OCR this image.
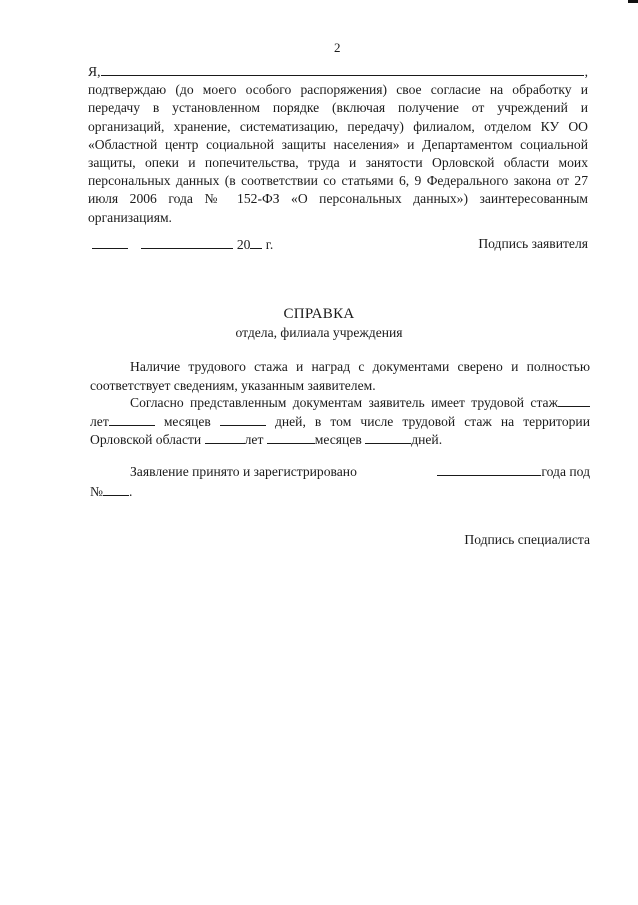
2
Я,	,
подтверждаю (до моего особого распоряжения) свое согласие на обработку и передачу в установленном порядке (включая получение от учреждений и организаций, хранение, систематизацию, передачу) филиалом, отделом КУ ОО «Областной центр социальной защиты населения» и Департаментом социальной защиты, опеки и попечительства, труда и занятости Орловской области моих персональных данных (в соответствии со статьями 6, 9 Федерального закона от 27 июля 2006 года № 152-ФЗ «О персональных данных») заинтересованным организациям.
20 г.	Подпись заявителя
СПРАВКА
отдела, филиала учреждения
Наличие трудового стажа и наград с документами сверено и полностью соответствует сведениям, указанным заявителем.
Согласно представленным документам заявитель имеет трудовой стаж лет	месяцев	дней, в том числе трудовой стаж на территории Орловской области	лет	месяцев	дней.
Заявление принято и зарегистрировано	года под
№ .
Подпись специалиста
